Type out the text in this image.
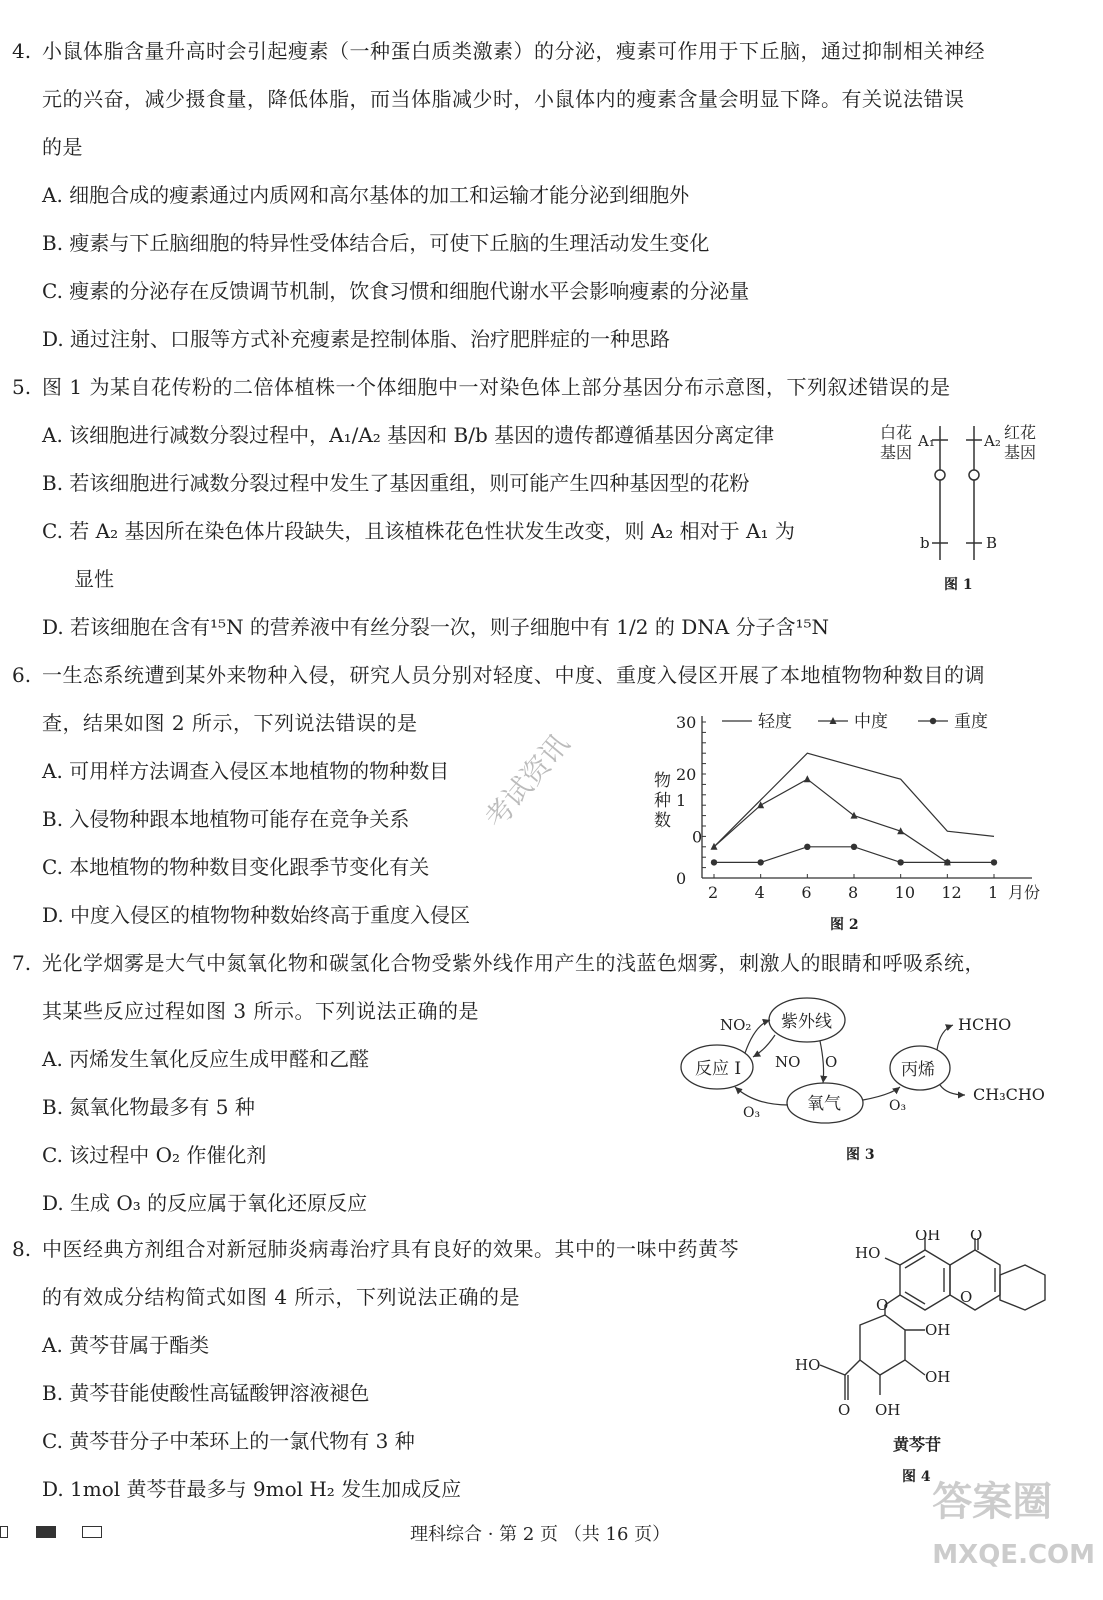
4. 小鼠体脂含量升高时会引起瘦素（一种蛋白质类激素）的分泌，瘦素可作用于下丘脑，通过抑制相关神经
元的兴奋，减少摄食量，降低体脂，而当体脂减少时，小鼠体内的瘦素含量会明显下降。有关说法错误
的是
A. 细胞合成的瘦素通过内质网和高尔基体的加工和运输才能分泌到细胞外
B. 瘦素与下丘脑细胞的特异性受体结合后，可使下丘脑的生理活动发生变化
C. 瘦素的分泌存在反馈调节机制，饮食习惯和细胞代谢水平会影响瘦素的分泌量
D. 通过注射、口服等方式补充瘦素是控制体脂、治疗肥胖症的一种思路
5. 图 1 为某自花传粉的二倍体植株一个体细胞中一对染色体上部分基因分布示意图，下列叙述错误的是
A. 该细胞进行减数分裂过程中，A₁/A₂ 基因和 B/b 基因的遗传都遵循基因分离定律
B. 若该细胞进行减数分裂过程中发生了基因重组，则可能产生四种基因型的花粉
C. 若 A₂ 基因所在染色体片段缺失，且该植株花色性状发生改变，则 A₂ 相对于 A₁ 为
显性
D. 若该细胞在含有¹⁵N 的营养液中有丝分裂一次，则子细胞中有 1/2 的 DNA 分子含¹⁵N
白花
基因
A₁
b
A₂
B
红花
基因
图 1
6. 一生态系统遭到某外来物种入侵，研究人员分别对轻度、中度、重度入侵区开展了本地植物物种数目的调
查，结果如图 2 所示，下列说法错误的是
A. 可用样方法调查入侵区本地植物的物种数目
B. 入侵物种跟本地植物可能存在竞争关系
C. 本地植物的物种数目变化跟季节变化有关
D. 中度入侵区的植物物种数始终高于重度入侵区
30
20
0
0
1
物
种
数
2 4 6 8 10 12 1 月份
轻度	中度	重度
图 2
7. 光化学烟雾是大气中氮氧化物和碳氢化合物受紫外线作用产生的浅蓝色烟雾，刺激人的眼睛和呼吸系统，
其某些反应过程如图 3 所示。下列说法正确的是
A. 丙烯发生氧化反应生成甲醛和乙醛
B. 氮氧化物最多有 5 种
C. 该过程中 O₂ 作催化剂
D. 生成 O₃ 的反应属于氧化还原反应
紫外线
反应 I
氧气
丙烯
NO₂
NO O
O₃	O₃
HCHO
CH₃CHO
图 3
8. 中医经典方剂组合对新冠肺炎病毒治疗具有良好的效果。其中的一味中药黄芩
的有效成分结构简式如图 4 所示，下列说法正确的是
A. 黄芩苷属于酯类
B. 黄芩苷能使酸性高锰酸钾溶液褪色
C. 黄芩苷分子中苯环上的一氯代物有 3 种
D. 1mol 黄芩苷最多与 9mol H₂ 发生加成反应
OH O
HO
O
O
OH
OH
HO
O OH
黄芩苷
图 4
考试资讯
理科综合 · 第 2 页 （共 16 页）
答案圈
MXQE.COM
